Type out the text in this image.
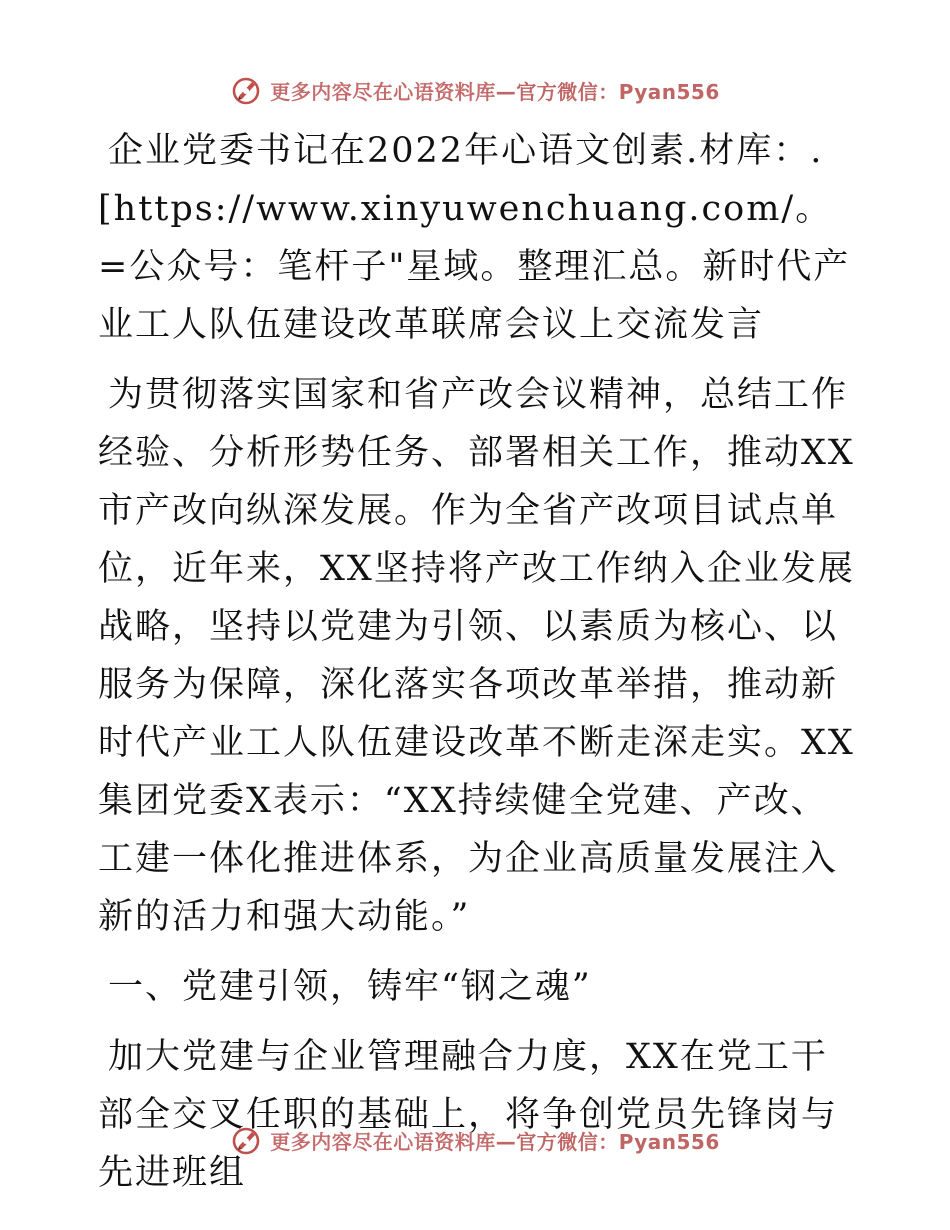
更多内容尽在心语资料库—官方微信：Pyan556

企业党委书记在2022年心语文创素.材库：. [https://www.xinyuwenchuang.com/。=公众号：笔杆子"星域。整理汇总。新时代产业工人队伍建设改革联席会议上交流发言

为贯彻落实国家和省产改会议精神，总结工作经验、分析形势任务、部署相关工作，推动XX市产改向纵深发展。作为全省产改项目试点单位，近年来，XX坚持将产改工作纳入企业发展战略，坚持以党建为引领、以素质为核心、以服务为保障，深化落实各项改革举措，推动新时代产业工人队伍建设改革不断走深走实。XX集团党委X表示：“XX持续健全党建、产改、工建一体化推进体系，为企业高质量发展注入新的活力和强大动能。”

一、党建引领，铸牢“钢之魂”

加大党建与企业管理融合力度，XX在党工干部全交叉任职的基础上，将争创党员先锋岗与先进班组

更多内容尽在心语资料库—官方微信：Pyan556
